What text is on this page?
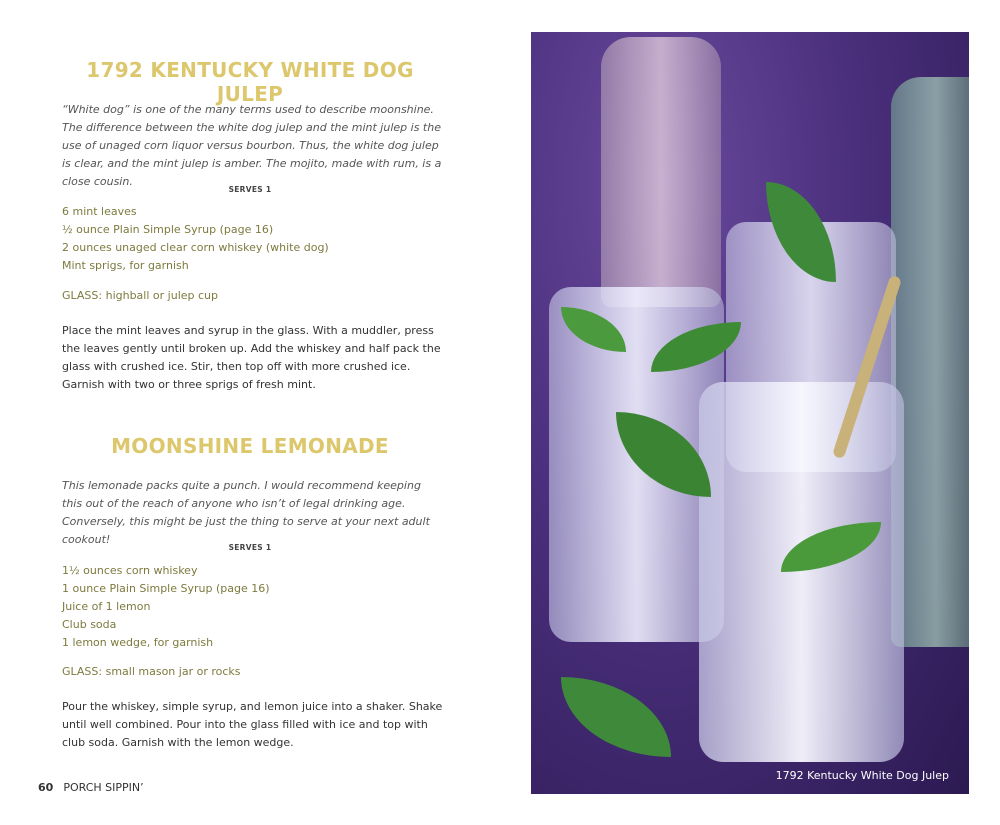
1792 KENTUCKY WHITE DOG JULEP

“White dog” is one of the many terms used to describe moonshine. The difference between the white dog julep and the mint julep is the use of unaged corn liquor versus bourbon. Thus, the white dog julep is clear, and the mint julep is amber. The mojito, made with rum, is a close cousin.

SERVES 1
6 mint leaves
½ ounce Plain Simple Syrup (page 16)
2 ounces unaged clear corn whiskey (white dog)
Mint sprigs, for garnish
GLASS: highball or julep cup

Place the mint leaves and syrup in the glass. With a muddler, press the leaves gently until broken up. Add the whiskey and half pack the glass with crushed ice. Stir, then top off with more crushed ice. Garnish with two or three sprigs of fresh mint.

MOONSHINE LEMONADE

This lemonade packs quite a punch. I would recommend keeping this out of the reach of anyone who isn’t of legal drinking age. Conversely, this might be just the thing to serve at your next adult cookout!

SERVES 1
1½ ounces corn whiskey
1 ounce Plain Simple Syrup (page 16)
Juice of 1 lemon
Club soda
1 lemon wedge, for garnish
GLASS: small mason jar or rocks

Pour the whiskey, simple syrup, and lemon juice into a shaker. Shake until well combined. Pour into the glass filled with ice and top with club soda. Garnish with the lemon wedge.

60 PORCH SIPPIN’
1792 Kentucky White Dog Julep
